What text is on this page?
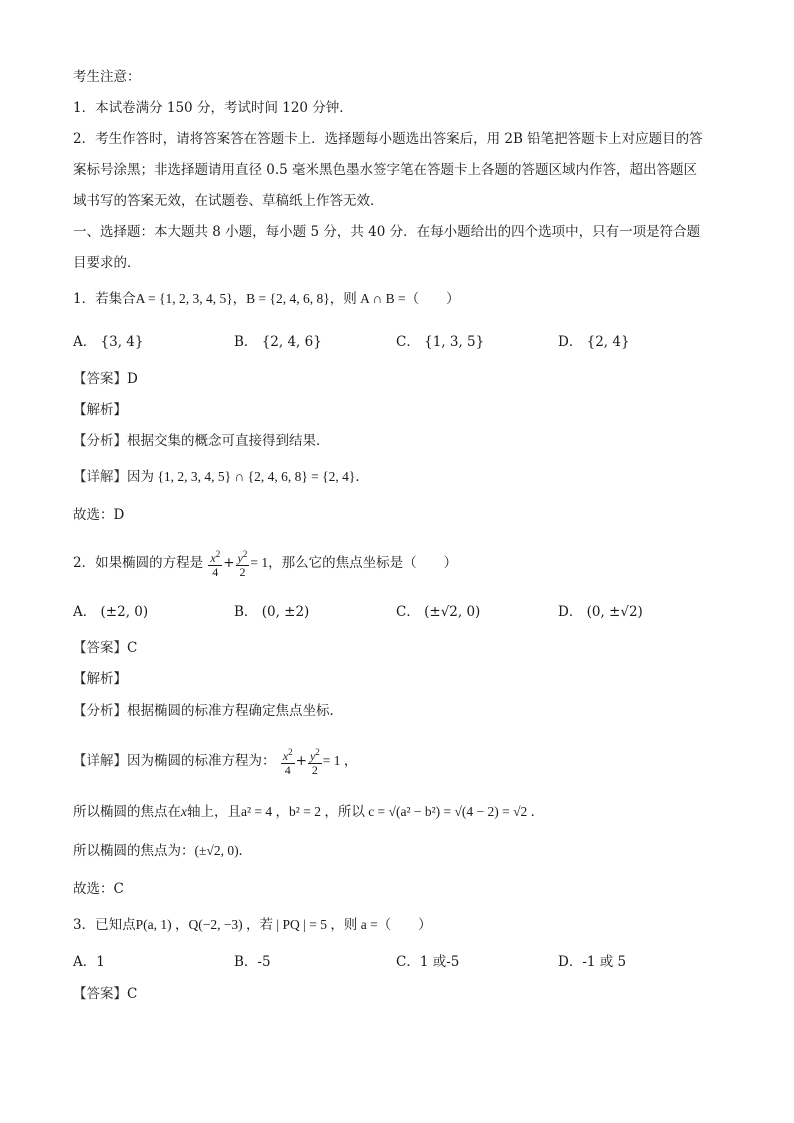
考生注意：
1．本试卷满分 150 分，考试时间 120 分钟．
2．考生作答时，请将答案答在答题卡上．选择题每小题选出答案后，用 2B 铅笔把答题卡上对应题目的答
案标号涂黑；非选择题请用直径 0.5 毫米黑色墨水签字笔在答题卡上各题的答题区域内作答，超出答题区
域书写的答案无效，在试题卷、草稿纸上作答无效．
一、选择题：本大题共 8 小题，每小题 5 分，共 40 分．在每小题给出的四个选项中，只有一项是符合题
目要求的．
1．若集合A = {1, 2, 3, 4, 5}，B = {2, 4, 6, 8}，则 A ∩ B =（　　）
A． {3, 4}	B． {2, 4, 6}	C． {1, 3, 5}	D． {2, 4}
【答案】D
【解析】
【分析】根据交集的概念可直接得到结果．
【详解】因为 {1, 2, 3, 4, 5} ∩ {2, 4, 6, 8} = {2, 4}．
故选：D
2．如果椭圆的方程是 $\frac{x^2}{4} + \frac{y^2}{2} = 1$，那么它的焦点坐标是（　　）
A． (±2, 0)	B． (0, ±2)	C． (±√2, 0)	D． (0, ±√2)
【答案】C
【解析】
【分析】根据椭圆的标准方程确定焦点坐标．
【详解】因为椭圆的标准方程为： $\frac{x^2}{4} + \frac{y^2}{2} = 1$ ，
所以椭圆的焦点在x轴上，且a² = 4 ，b² = 2 ，所以 c = √(a² − b²) = √(4 − 2) = √2 ．
所以椭圆的焦点为：(±√2, 0)．
故选：C
3．已知点P(a, 1) ，Q(−2, −3) ，若 | PQ | = 5 ，则 a =（　　）
A．1	B．-5	C．1 或-5	D．-1 或 5
【答案】C
